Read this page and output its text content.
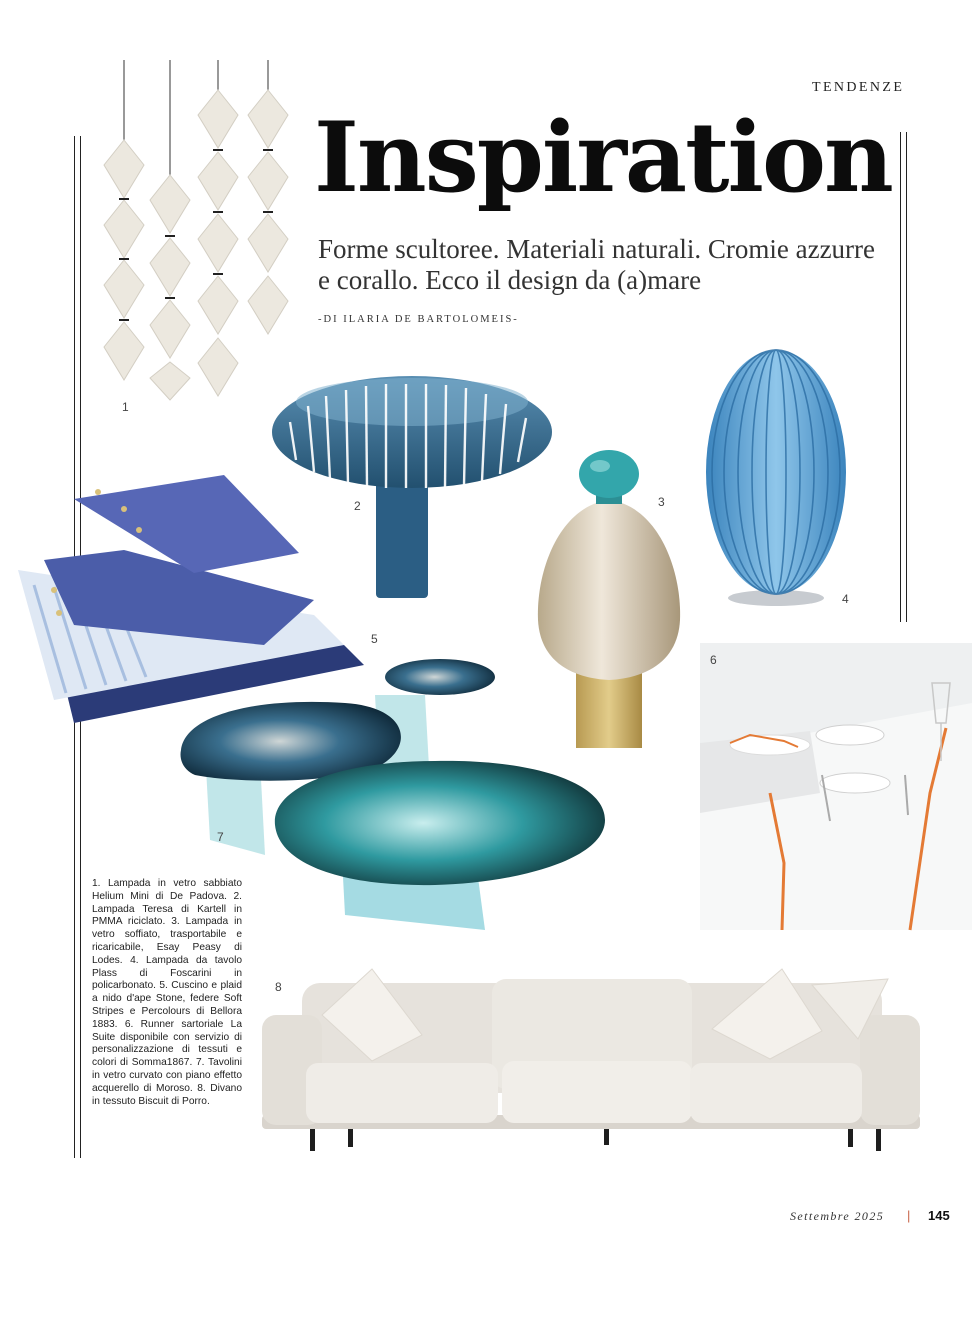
TENDENZE
Inspiration
Forme scultoree. Materiali naturali. Cromie azzurre e corallo. Ecco il design da (a)mare
-DI ILARIA DE BARTOLOMEIS-
1
2	3
4
5
6
7
8
1. Lampada in vetro sabbiato Helium Mini di De Padova. 2. Lampada Teresa di Kartell in PMMA riciclato. 3. Lampada in vetro soffiato, trasportabile e ricaricabile, Esay Peasy di Lodes. 4. Lampada da tavolo Plass di Foscarini in policarbonato. 5. Cuscino e plaid a nido d'ape Stone, federe Soft Stripes e Percolours di Bellora 1883. 6. Runner sartoriale La Suite disponibile con servizio di personalizzazione di tessuti e colori di Somma1867. 7. Tavolini in vetro curvato con piano effetto acquerello di Moroso. 8. Divano in tessuto Biscuit di Porro.
Settembre 2025 | 145
